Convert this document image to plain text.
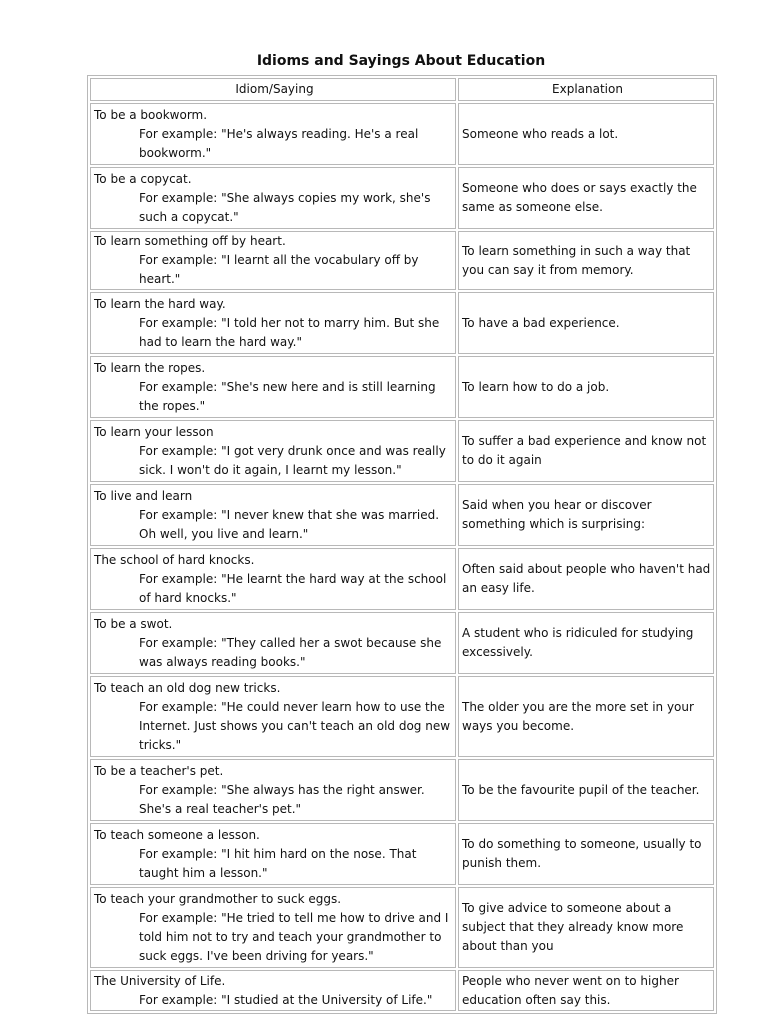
Idioms and Sayings About Education
Idiom/Saying	Explanation

To be a bookworm.
For example: "He's always reading. He's a real bookworm."	Someone who reads a lot.

To be a copycat.
For example: "She always copies my work, she's such a copycat."	Someone who does or says exactly the same as someone else.

To learn something off by heart.
For example: "I learnt all the vocabulary off by heart."	To learn something in such a way that you can say it from memory.

To learn the hard way.
For example: "I told her not to marry him. But she had to learn the hard way."	To have a bad experience.

To learn the ropes.
For example: "She's new here and is still learning the ropes."	To learn how to do a job.

To learn your lesson
For example: "I got very drunk once and was really sick. I won't do it again, I learnt my lesson."	To suffer a bad experience and know not to do it again

To live and learn
For example: "I never knew that she was married. Oh well, you live and learn."	Said when you hear or discover something which is surprising:

The school of hard knocks.
For example: "He learnt the hard way at the school of hard knocks."	Often said about people who haven't had an easy life.

To be a swot.
For example: "They called her a swot because she was always reading books."	A student who is ridiculed for studying excessively.

To teach an old dog new tricks.
For example: "He could never learn how to use the Internet. Just shows you can't teach an old dog new tricks."	The older you are the more set in your ways you become.

To be a teacher's pet.
For example: "She always has the right answer. She's a real teacher's pet."	To be the favourite pupil of the teacher.

To teach someone a lesson.
For example: "I hit him hard on the nose. That taught him a lesson."	To do something to someone, usually to punish them.

To teach your grandmother to suck eggs.
For example: "He tried to tell me how to drive and I told him not to try and teach your grandmother to suck eggs. I've been driving for years."	To give advice to someone about a subject that they already know more about than you

The University of Life.
For example: "I studied at the University of Life."	People who never went on to higher education often say this.
